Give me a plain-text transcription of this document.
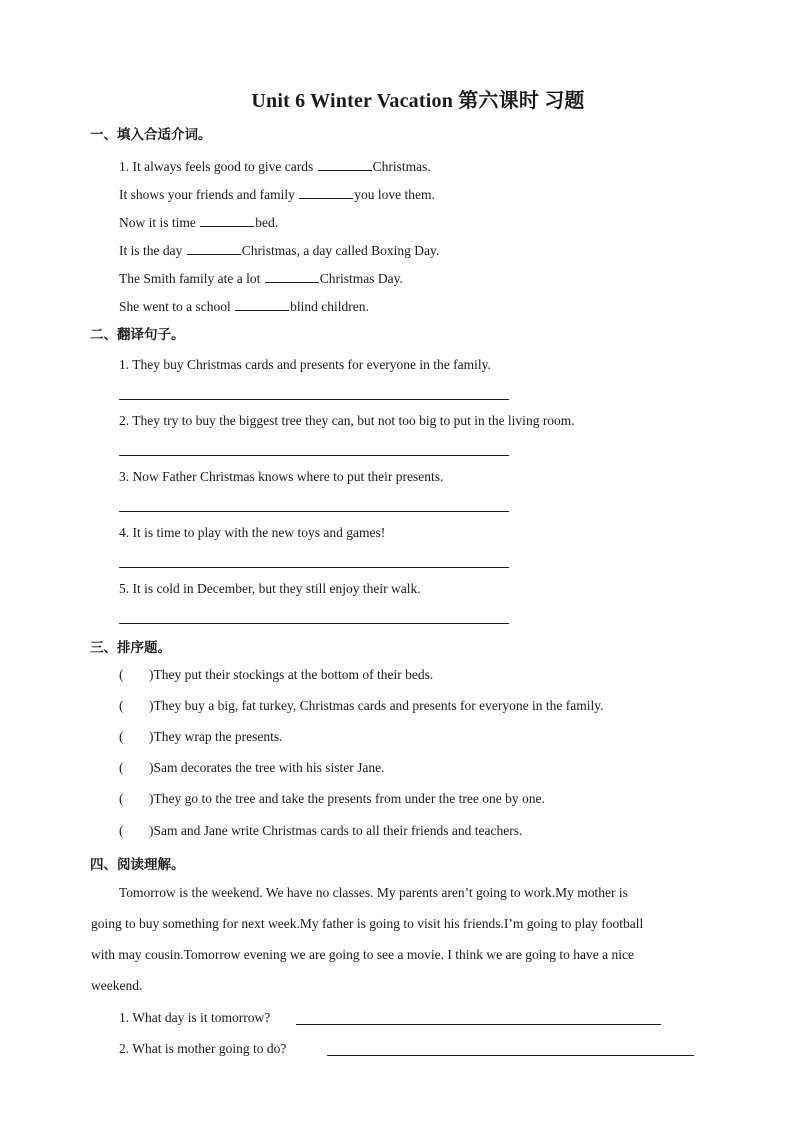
Unit 6 Winter Vacation 第六课时 习题
一、填入合适介词。
1. It always feels good to give cards	Christmas.
It shows your friends and family	you love them.
Now it is time	bed.
It is the day	Christmas, a day called Boxing Day.
The Smith family ate a lot	Christmas Day.
She went to a school	blind children.
二、翻译句子。
1. They buy Christmas cards and presents for everyone in the family.
2. They try to buy the biggest tree they can, but not too big to put in the living room.
3. Now Father Christmas knows where to put their presents.
4. It is time to play with the new toys and games!
5. It is cold in December, but they still enjoy their walk.
三、排序题。
( )They put their stockings at the bottom of their beds.
( )They buy a big, fat turkey, Christmas cards and presents for everyone in the family.
( )They wrap the presents.
( )Sam decorates the tree with his sister Jane.
( )They go to the tree and take the presents from under the tree one by one.
( )Sam and Jane write Christmas cards to all their friends and teachers.
四、阅读理解。
Tomorrow is the weekend. We have no classes. My parents aren’t going to work.My mother is
going to buy something for next week.My father is going to visit his friends.I’m going to play football
with may cousin.Tomorrow evening we are going to see a movie. I think we are going to have a nice
weekend.
1. What day is it tomorrow?
2. What is mother going to do?
